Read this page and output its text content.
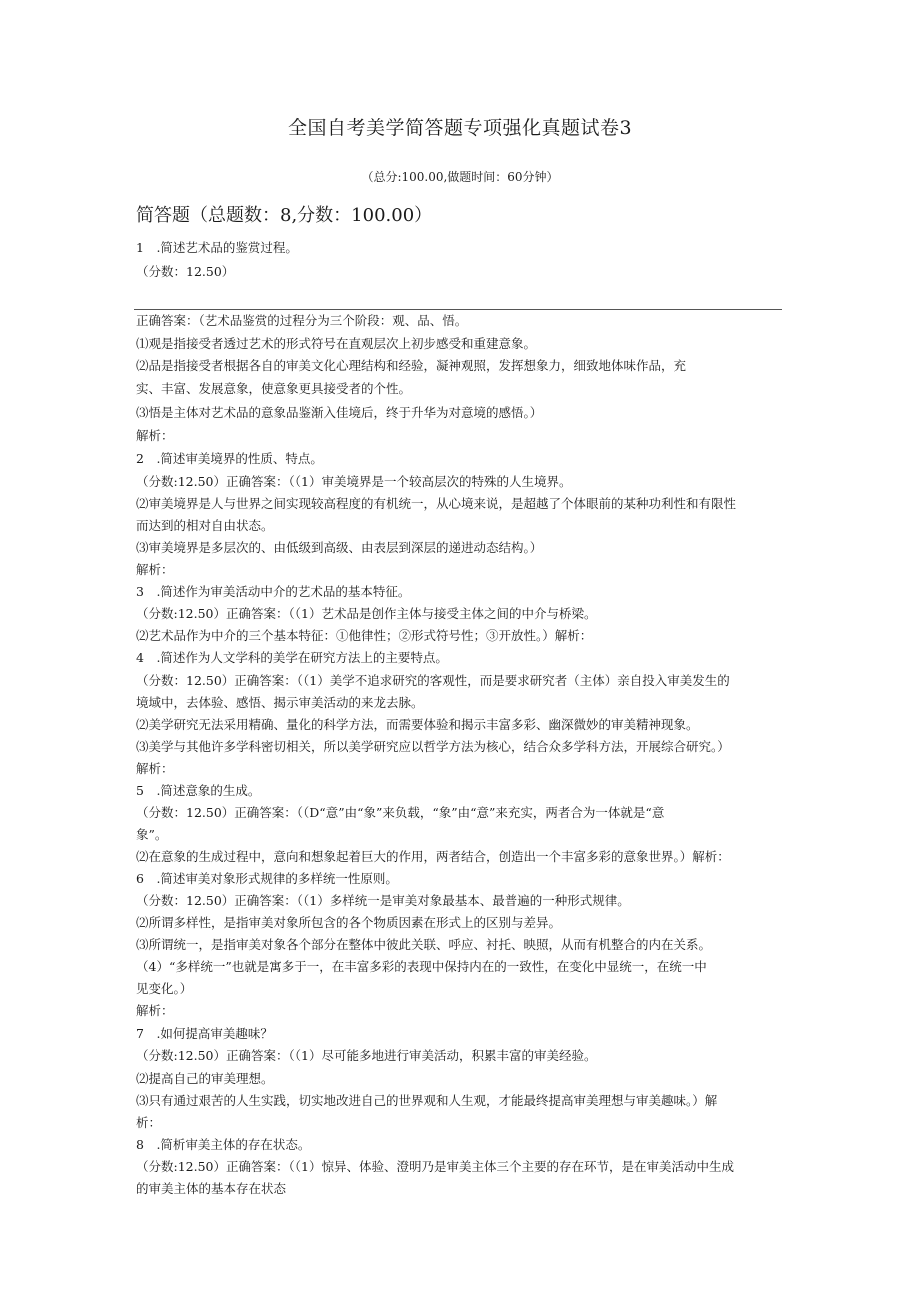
全国自考美学简答题专项强化真题试卷3
（总分:100.00,做题时间：60分钟）
简答题（总题数：8,分数：100.00）
1　.简述艺术品的鉴赏过程。
（分数：12.50）
正确答案：（艺术品鉴赏的过程分为三个阶段：观、品、悟。
⑴观是指接受者透过艺术的形式符号在直观层次上初步感受和重建意象。
⑵品是指接受者根据各自的审美文化心理结构和经验，凝神观照，发挥想象力，细致地体味作品，充
实、丰富、发展意象，使意象更具接受者的个性。
⑶悟是主体对艺术品的意象品鉴渐入佳境后，终于升华为对意境的感悟。）
解析：
2　.简述审美境界的性质、特点。
（分数:12.50）正确答案：（（1）审美境界是一个较高层次的特殊的人生境界。
⑵审美境界是人与世界之间实现较高程度的有机统一，从心境来说，是超越了个体眼前的某种功利性和有限性
而达到的相对自由状态。
⑶审美境界是多层次的、由低级到高级、由表层到深层的递进动态结构。）
解析：
3　.简述作为审美活动中介的艺术品的基本特征。
（分数:12.50）正确答案：（（1）艺术品是创作主体与接受主体之间的中介与桥梁。
⑵艺术品作为中介的三个基本特征：①他律性；②形式符号性；③开放性。）解析：
4　.简述作为人文学科的美学在研究方法上的主要特点。
（分数：12.50）正确答案：（（1）美学不追求研究的客观性，而是要求研究者（主体）亲自投入审美发生的
境域中，去体验、感悟、揭示审美活动的来龙去脉。
⑵美学研究无法采用精确、量化的科学方法，而需要体验和揭示丰富多彩、幽深微妙的审美精神现象。
⑶美学与其他许多学科密切相关，所以美学研究应以哲学方法为核心，结合众多学科方法，开展综合研究。）
解析：
5　.简述意象的生成。
（分数：12.50）正确答案：（（D“意”由“象”来负载，“象”由“意”来充实，两者合为一体就是“意
象”。
⑵在意象的生成过程中，意向和想象起着巨大的作用，两者结合，创造出一个丰富多彩的意象世界。）解析：
6　.简述审美对象形式规律的多样统一性原则。
（分数：12.50）正确答案：（（1）多样统一是审美对象最基本、最普遍的一种形式规律。
⑵所谓多样性，是指审美对象所包含的各个物质因素在形式上的区别与差异。
⑶所谓统一，是指审美对象各个部分在整体中彼此关联、呼应、衬托、映照，从而有机整合的内在关系。
（4）“多样统一”也就是寓多于一，在丰富多彩的表现中保持内在的一致性，在变化中显统一，在统一中
见变化。）
解析：
7　.如何提高审美趣味？
（分数:12.50）正确答案：（（1）尽可能多地进行审美活动，积累丰富的审美经验。
⑵提高自己的审美理想。
⑶只有通过艰苦的人生实践，切实地改进自己的世界观和人生观，才能最终提高审美理想与审美趣味。）解
析：
8　.简析审美主体的存在状态。
（分数:12.50）正确答案：（（1）惊异、体验、澄明乃是审美主体三个主要的存在环节，是在审美活动中生成
的审美主体的基本存在状态
